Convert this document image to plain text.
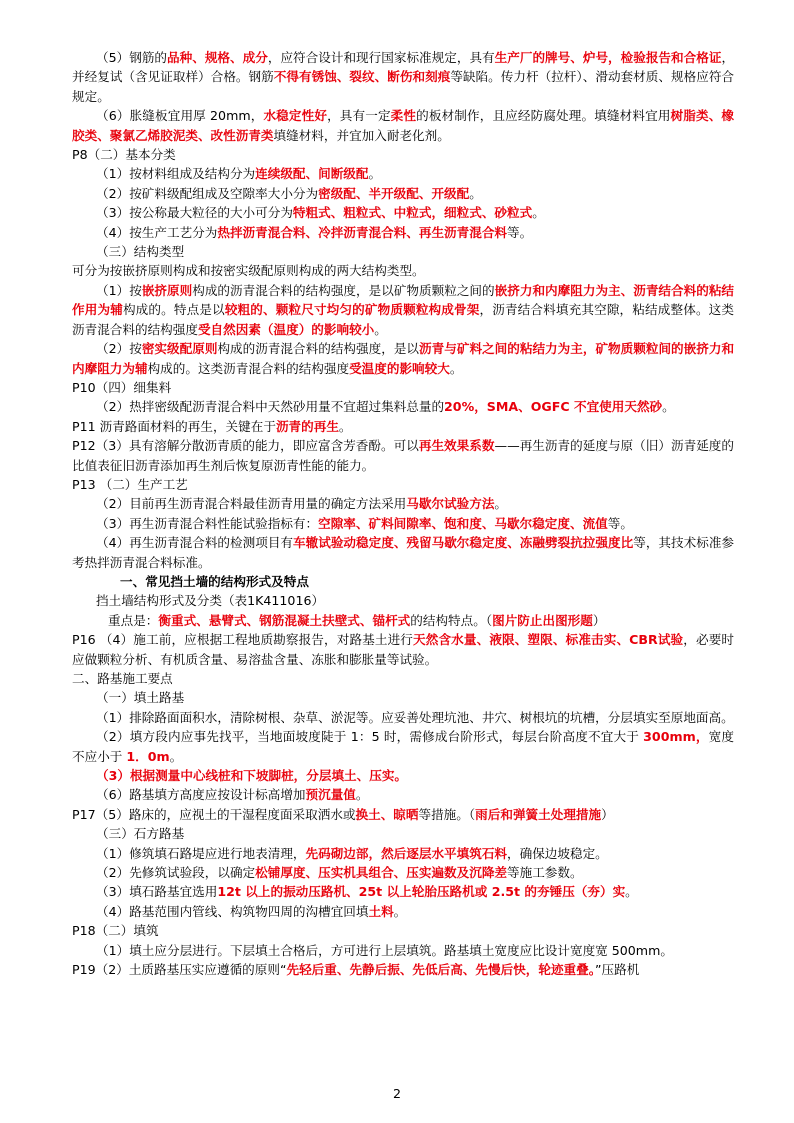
（5）钢筋的品种、规格、成分，应符合设计和现行国家标准规定，具有生产厂的牌号、炉号，检验报告和合格证，并经复试（含见证取样）合格。钢筋不得有锈蚀、裂纹、断伤和刻痕等缺陷。传力杆（拉杆）、滑动套材质、规格应符合规定。

（6）胀缝板宜用厚 20mm，水稳定性好，具有一定柔性的板材制作，且应经防腐处理。填缝材料宜用树脂类、橡胶类、聚氯乙烯胶泥类、改性沥青类填缝材料，并宜加入耐老化剂。

P8（二）基本分类

（1）按材料组成及结构分为连续级配、间断级配。

（2）按矿料级配组成及空隙率大小分为密级配、半开级配、开级配。

（3）按公称最大粒径的大小可分为特粗式、粗粒式、中粒式，细粒式、砂粒式。

（4）按生产工艺分为热拌沥青混合料、冷拌沥青混合料、再生沥青混合料等。

（三）结构类型

可分为按嵌挤原则构成和按密实级配原则构成的两大结构类型。

（1）按嵌挤原则构成的沥青混合料的结构强度，是以矿物质颗粒之间的嵌挤力和内摩阻力为主、沥青结合料的粘结作用为辅构成的。特点是以较粗的、颗粒尺寸均匀的矿物质颗粒构成骨架，沥青结合料填充其空隙，粘结成整体。这类沥青混合料的结构强度受自然因素（温度）的影响较小。

（2）按密实级配原则构成的沥青混合料的结构强度，是以沥青与矿料之间的粘结力为主，矿物质颗粒间的嵌挤力和内摩阻力为辅构成的。这类沥青混合料的结构强度受温度的影响较大。

P10（四）细集料

（2）热拌密级配沥青混合料中天然砂用量不宜超过集料总量的20%，SMA、OGFC 不宜使用天然砂。

P11 沥青路面材料的再生，关键在于沥青的再生。

P12（3）具有溶解分散沥青质的能力，即应富含芳香酚。可以再生效果系数——再生沥青的延度与原（旧）沥青延度的比值表征旧沥青添加再生剂后恢复原沥青性能的能力。

P13 （二）生产工艺

（2）目前再生沥青混合料最佳沥青用量的确定方法采用马歇尔试验方法。

（3）再生沥青混合料性能试验指标有：空隙率、矿料间隙率、饱和度、马歇尔稳定度、流值等。

（4）再生沥青混合料的检测项目有车辙试验动稳定度、残留马歇尔稳定度、冻融劈裂抗拉强度比等，其技术标准参考热拌沥青混合料标准。

一、常见挡土墙的结构形式及特点

挡土墙结构形式及分类（表1K411016）

重点是：衡重式、悬臂式、钢筋混凝土扶壁式、锚杆式的结构特点。（图片防止出图形题）

P16 （4）施工前，应根据工程地质勘察报告，对路基土进行天然含水量、液限、塑限、标准击实、CBR试验，必要时应做颗粒分析、有机质含量、易溶盐含量、冻胀和膨胀量等试验。

二、路基施工要点

（一）填土路基

（1）排除路面面积水，清除树根、杂草、淤泥等。应妥善处理坑池、井穴、树根坑的坑槽，分层填实至原地面高。

（2）填方段内应事先找平，当地面坡度陡于 1：5 时，需修成台阶形式，每层台阶高度不宜大于 300mm，宽度不应小于 1．0m。

（3）根据测量中心线桩和下坡脚桩，分层填土、压实。

（6）路基填方高度应按设计标高增加预沉量值。

P17（5）路床的，应视土的干湿程度面采取洒水或换土、晾晒等措施。（雨后和弹簧土处理措施）

（三）石方路基

（1）修筑填石路堤应进行地表清理，先码砌边部，然后逐层水平填筑石料，确保边坡稳定。

（2）先修筑试验段，以确定松铺厚度、压实机具组合、压实遍数及沉降差等施工参数。

（3）填石路基宜选用12t 以上的振动压路机、25t 以上轮胎压路机或 2.5t 的夯锤压（夯）实。

（4）路基范围内管线、构筑物四周的沟槽宜回填土料。

P18（二）填筑

（1）填土应分层进行。下层填土合格后，方可进行上层填筑。路基填土宽度应比设计宽度宽 500mm。

P19（2）土质路基压实应遵循的原则“先轻后重、先静后振、先低后高、先慢后快，轮迹重叠。”压路机

2
